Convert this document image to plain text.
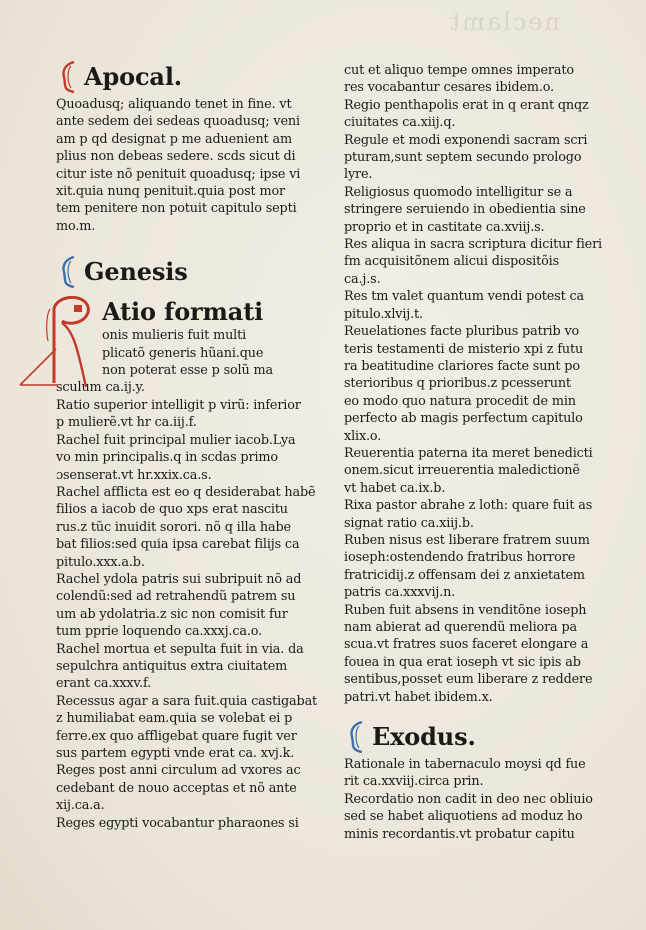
neclamt
Apocal.
Quoadusq; aliquando tenet in fine. vt
ante sedem dei sedeas quoadusq; veni
am p qd designat p me aduenient am
plius non debeas sedere. scds sicut di
citur iste nõ penituit quoadusq; ipse vi
xit.quia nunq penituit.quia post mor
tem penitere non potuit capitulo septi
mo.m.
Genesis
Atio formati
onis mulieris fuit multi
plicatõ generis hũani.que
non poterat esse p solũ ma
sculum ca.ij.y.
Ratio superior intelligit p virũ: inferior
p mulierẽ.vt hr ca.iij.f.
Rachel fuit principal mulier iacob.Lya
vo min principalis.q in scdas primo
ɔsenserat.vt hr.xxix.ca.s.
Rachel afflicta est eo q desiderabat habẽ
filios a iacob de quo xps erat nascitu
rus.z tũc inuidit sorori. nõ q illa habe
bat filios:sed quia ipsa carebat filijs ca
pitulo.xxx.a.b.
Rachel ydola patris sui subripuit nõ ad
colendũ:sed ad retrahendũ patrem su
um ab ydolatria.z sic non comisit fur
tum pprie loquendo ca.xxxj.ca.o.
Rachel mortua et sepulta fuit in via. da
sepulchra antiquitus extra ciuitatem
erant ca.xxxv.f.
Recessus agar a sara fuit.quia castigabat
z humiliabat eam.quia se volebat ei p
ferre.ex quo affligebat quare fugit ver
sus partem egypti vnde erat ca. xvj.k.
Reges post anni circulum ad vxores ac
cedebant de nouo acceptas et nõ ante
xij.ca.a.
Reges egypti vocabantur pharaones si
cut et aliquo tempe omnes imperato
res vocabantur cesares ibidem.o.
Regio penthapolis erat in q erant qnqz
ciuitates ca.xiij.q.
Regule et modi exponendi sacram scri
pturam,sunt septem secundo prologo
lyre.
Religiosus quomodo intelligitur se a
stringere seruiendo in obedientia sine
proprio et in castitate ca.xviij.s.
Res aliqua in sacra scriptura dicitur fieri
fm acquisitõnem alicui dispositõis
ca.j.s.
Res tm valet quantum vendi potest ca
pitulo.xlvij.t.
Reuelationes facte pluribus patrib vo
teris testamenti de misterio xpi z futu
ra beatitudine clariores facte sunt po
sterioribus q prioribus.z pcesserunt
eo modo quo natura procedit de min
perfecto ab magis perfectum capitulo
xlix.o.
Reuerentia paterna ita meret benedicti
onem.sicut irreuerentia maledictionẽ
vt habet ca.ix.b.
Rixa pastor abrahe z loth: quare fuit as
signat ratio ca.xiij.b.
Ruben nisus est liberare fratrem suum
ioseph:ostendendo fratribus horrore
fratricidij.z offensam dei z anxietatem
patris ca.xxxvij.n.
Ruben fuit absens in venditõne ioseph
nam abierat ad querendũ meliora pa
scua.vt fratres suos faceret elongare a
fouea in qua erat ioseph vt sic ipis ab
sentibus,posset eum liberare z reddere
patri.vt habet ibidem.x.
Exodus.
Rationale in tabernaculo moysi qd fue
rit ca.xxviij.circa prin.
Recordatio non cadit in deo nec obliuio
sed se habet aliquotiens ad moduz ho
minis recordantis.vt probatur capitu
